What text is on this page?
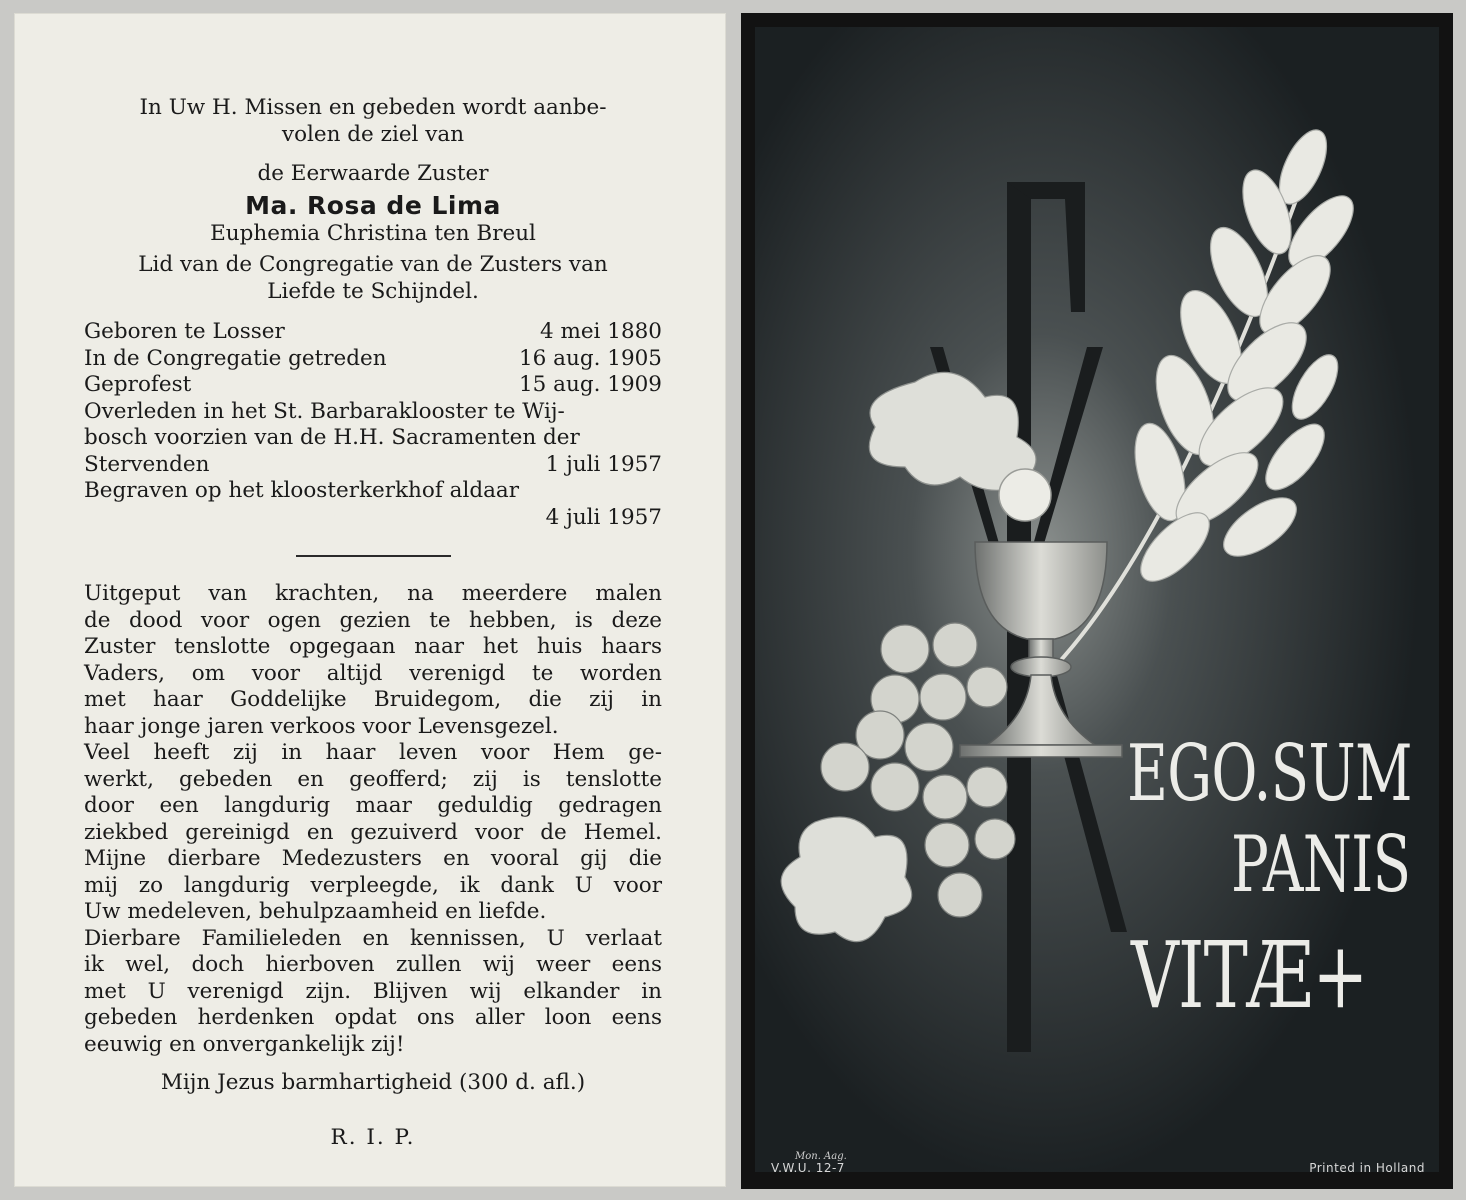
In Uw H. Missen en gebeden wordt aanbe-
volen de ziel van
de Eerwaarde Zuster
Ma. Rosa de Lima
Euphemia Christina ten Breul
Lid van de Congregatie van de Zusters van
Liefde te Schijndel.
Geboren te Losser	4 mei 1880
In de Congregatie getreden	16 aug. 1905
Geprofest	15 aug. 1909
Overleden in het St. Barbaraklooster te Wij-
bosch voorzien van de H.H. Sacramenten der
Stervenden	1 juli 1957
Begraven op het kloosterkerkhof aldaar
4 juli 1957
Uitgeput van krachten, na meerdere malen
de dood voor ogen gezien te hebben, is deze
Zuster tenslotte opgegaan naar het huis haars
Vaders, om voor altijd verenigd te worden
met haar Goddelijke Bruidegom, die zij in
haar jonge jaren verkoos voor Levensgezel.
Veel heeft zij in haar leven voor Hem ge-
werkt, gebeden en geofferd; zij is tenslotte
door een langdurig maar geduldig gedragen
ziekbed gereinigd en gezuiverd voor de Hemel.
Mijne dierbare Medezusters en vooral gij die
mij zo langdurig verpleegde, ik dank U voor
Uw medeleven, behulpzaamheid en liefde.
Dierbare Familieleden en kennissen, U verlaat
ik wel, doch hierboven zullen wij weer eens
met U verenigd zijn. Blijven wij elkander in
gebeden herdenken opdat ons aller loon eens
eeuwig en onvergankelijk zij!
Mijn Jezus barmhartigheid (300 d. afl.)
R. I. P.
EGO.SUM
PANIS
VITÆ+
Mon. Aag.
V.W.U. 12-7	Printed in Holland
